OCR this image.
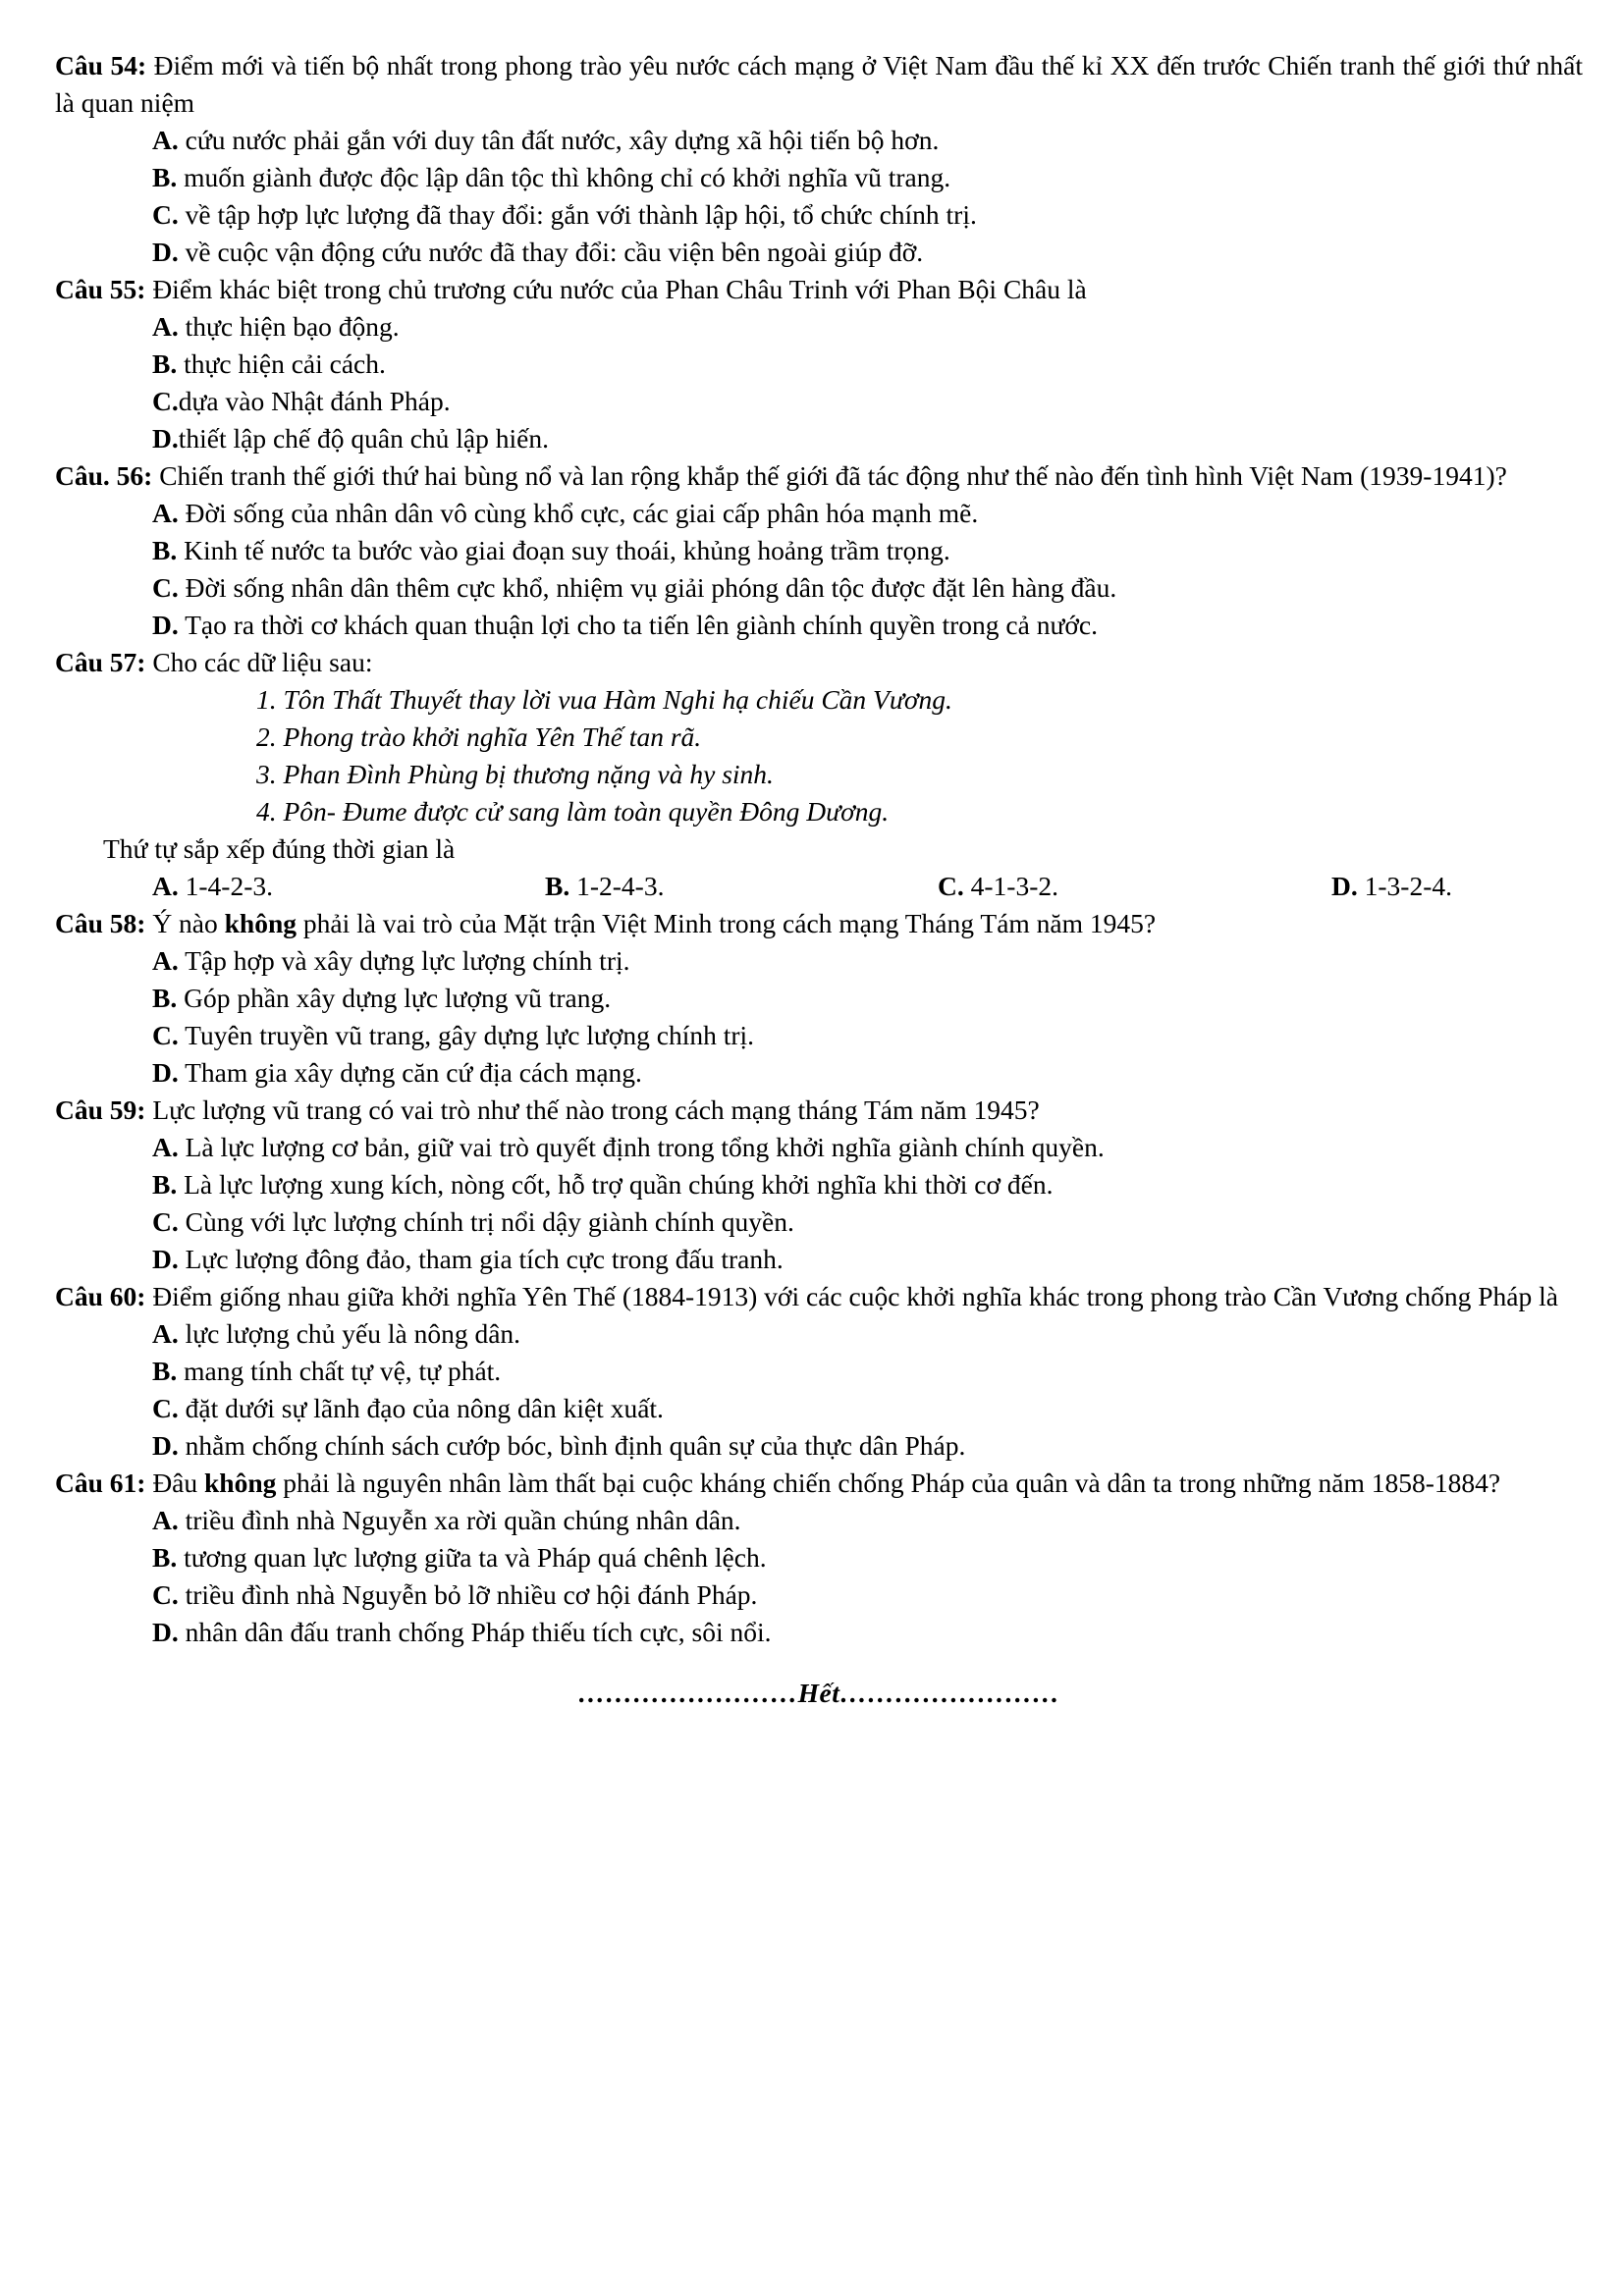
Câu 54: Điểm mới và tiến bộ nhất trong phong trào yêu nước cách mạng ở Việt Nam đầu thế kỉ XX đến trước Chiến tranh thế giới thứ nhất là quan niệm

A. cứu nước phải gắn với duy tân đất nước, xây dựng xã hội tiến bộ hơn.
B. muốn giành được độc lập dân tộc thì không chỉ có khởi nghĩa vũ trang.
C. về tập hợp lực lượng đã thay đổi: gắn với thành lập hội, tổ chức chính trị.
D. về cuộc vận động cứu nước đã thay đổi: cầu viện bên ngoài giúp đỡ.

Câu 55: Điểm khác biệt trong chủ trương cứu nước của Phan Châu Trinh với Phan Bội Châu là

A. thực hiện bạo động.
B. thực hiện cải cách.
C.dựa vào Nhật đánh Pháp.
D.thiết lập chế độ quân chủ lập hiến.

Câu. 56: Chiến tranh thế giới thứ hai bùng nổ và lan rộng khắp thế giới đã tác động như thế nào đến tình hình Việt Nam (1939-1941)?

A. Đời sống của nhân dân vô cùng khổ cực, các giai cấp phân hóa mạnh mẽ.
B. Kinh tế nước ta bước vào giai đoạn suy thoái, khủng hoảng trầm trọng.
C. Đời sống nhân dân thêm cực khổ, nhiệm vụ giải phóng dân tộc được đặt lên hàng đầu.
D. Tạo ra thời cơ khách quan thuận lợi cho ta tiến lên giành chính quyền trong cả nước.

Câu 57: Cho các dữ liệu sau:

1. Tôn Thất Thuyết thay lời vua Hàm Nghi hạ chiếu Cần Vương.
2. Phong trào khởi nghĩa Yên Thế tan rã.
3. Phan Đình Phùng bị thương nặng và hy sinh.
4. Pôn- Đume được cử sang làm toàn quyền Đông Dương.
Thứ tự sắp xếp đúng thời gian là
A. 1-4-2-3.	B. 1-2-4-3.	C. 4-1-3-2.	D. 1-3-2-4.

Câu 58: Ý nào không phải là vai trò của Mặt trận Việt Minh trong cách mạng Tháng Tám năm 1945?

A. Tập hợp và xây dựng lực lượng chính trị.
B. Góp phần xây dựng lực lượng vũ trang.
C. Tuyên truyền vũ trang, gây dựng lực lượng chính trị.
D. Tham gia xây dựng căn cứ địa cách mạng.

Câu 59: Lực lượng vũ trang có vai trò như thế nào trong cách mạng tháng Tám năm 1945?

A. Là lực lượng cơ bản, giữ vai trò quyết định trong tổng khởi nghĩa giành chính quyền.
B. Là lực lượng xung kích, nòng cốt, hỗ trợ quần chúng khởi nghĩa khi thời cơ đến.
C. Cùng với lực lượng chính trị nổi dậy giành chính quyền.
D. Lực lượng đông đảo, tham gia tích cực trong đấu tranh.

Câu 60: Điểm giống nhau giữa khởi nghĩa Yên Thế (1884-1913) với các cuộc khởi nghĩa khác trong phong trào Cần Vương chống Pháp là

A. lực lượng chủ yếu là nông dân.
B. mang tính chất tự vệ, tự phát.
C. đặt dưới sự lãnh đạo của nông dân kiệt xuất.
D. nhằm chống chính sách cướp bóc, bình định quân sự của thực dân Pháp.

Câu 61: Đâu không phải là nguyên nhân làm thất bại cuộc kháng chiến chống Pháp của quân và dân ta trong những năm 1858-1884?

A. triều đình nhà Nguyễn xa rời quần chúng nhân dân.
B. tương quan lực lượng giữa ta và Pháp quá chênh lệch.
C. triều đình nhà Nguyễn bỏ lỡ nhiều cơ hội đánh Pháp.
D. nhân dân đấu tranh chống Pháp thiếu tích cực, sôi nổi.
……………………Hết……………………
